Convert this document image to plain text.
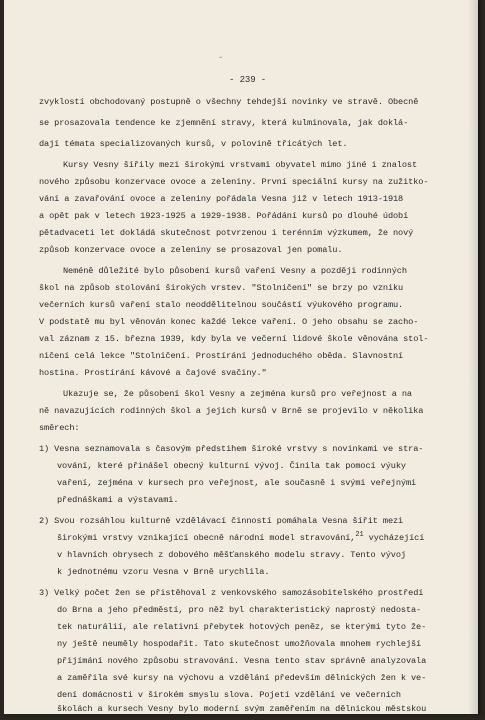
ˇ
- 239 -
zvyklostí obchodovaný postupně o všechny tehdejší novinky ve stravě. Obecně
se prosazovala tendence ke zjemnění stravy, která kulminovala, jak doklá-
dají témata specializovaných kursů, v polovině třicátých let.
Kursy Vesny šířily mezi širokými vrstvami obyvatel mimo jiné i znalost
nového způsobu konzervace ovoce a zeleniny. První speciální kursy na zužitko-
vání a zavařování ovoce a zeleniny pořádala Vesna již v letech 1913-1918
a opět pak v letech 1923-1925 a 1929-1938. Pořádání kursů po dlouhé údobí
pětadvaceti let dokládá skutečnost potvrzenou i terénním výzkumem, že nový
způsob konzervace ovoce a zeleniny se prosazoval jen pomalu.
Neméně důležité bylo působení kursů vaření Vesny a později rodinných
škol na způsob stolování širokých vrstev. "Stolničení" se brzy po vzniku
večerních kursů vaření stalo neoddělitelnou součástí výukového programu.
V podstatě mu byl věnován konec každé lekce vaření. O jeho obsahu se zacho-
val záznam z 15. března 1939, kdy byla ve večerní lidové škole věnována stol-
ničení celá lekce "Stolničení. Prostírání jednoduchého oběda. Slavnostní
hostina. Prostírání kávové a čajové svačiny."
Ukazuje se, že působení škol Vesny a zejména kursů pro veřejnost a na
ně navazujících rodinných škol a jejich kursů v Brně se projevilo v několika
směrech:
1) Vesna seznamovala s časovým předstihem široké vrstvy s novinkami ve stra-
vování, které přinášel obecný kulturní vývoj. Činila tak pomocí výuky
vaření, zejména v kursech pro veřejnost, ale současně i svými veřejnými
přednáškami a výstavami.
2) Svou rozsáhlou kulturně vzdělávací činností pomáhala Vesna šířit mezi
širokými vrstvy vznikající obecně národní model stravování,$^{21}$ vycházející
v hlavních obrysech z dobového měšťanského modelu stravy. Tento vývoj
k jednotnému vzoru Vesna v Brně urychlila.
3) Velký počet žen se přistěhoval z venkovského samozásobitelského prostředí
do Brna a jeho předměstí, pro něž byl charakteristický naprostý nedosta-
tek naturálií, ale relativní přebytek hotových peněz, se kterými tyto že-
ny ještě neuměly hospodařit. Tato skutečnost umožňovala mnohem rychlejší
přijímání nového způsobu stravování. Vesna tento stav správně analyzovala
a zaměřila své kursy na výchovu a vzdělání především dělnických žen k ve-
dení domácnosti v širokém smyslu slova. Pojetí vzdělání ve večerních
školách a kursech Vesny bylo moderní svým zaměřením na dělnickou městskou
